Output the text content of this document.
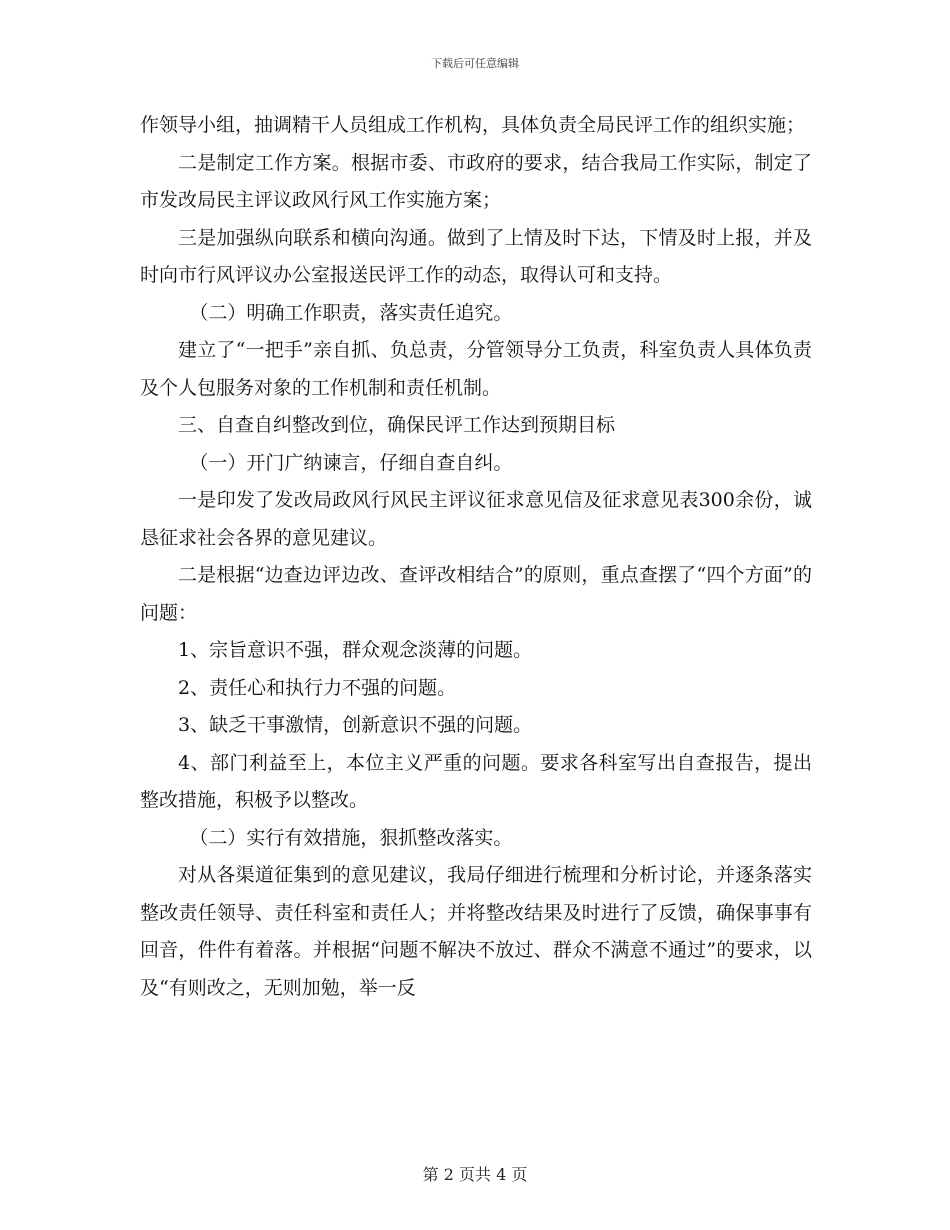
下载后可任意编辑

作领导小组，抽调精干人员组成工作机构，具体负责全局民评工作的组织实施；

二是制定工作方案。根据市委、市政府的要求，结合我局工作实际，制定了市发改局民主评议政风行风工作实施方案；

三是加强纵向联系和横向沟通。做到了上情及时下达，下情及时上报，并及时向市行风评议办公室报送民评工作的动态，取得认可和支持。

（二）明确工作职责，落实责任追究。

建立了“一把手”亲自抓、负总责，分管领导分工负责，科室负责人具体负责及个人包服务对象的工作机制和责任机制。

三、自查自纠整改到位，确保民评工作达到预期目标

（一）开门广纳谏言，仔细自查自纠。

一是印发了发改局政风行风民主评议征求意见信及征求意见表300余份，诚恳征求社会各界的意见建议。

二是根据“边查边评边改、查评改相结合”的原则，重点查摆了“四个方面”的问题：

1、宗旨意识不强，群众观念淡薄的问题。

2、责任心和执行力不强的问题。

3、缺乏干事激情，创新意识不强的问题。

4、部门利益至上，本位主义严重的问题。要求各科室写出自查报告，提出整改措施，积极予以整改。

（二）实行有效措施，狠抓整改落实。

对从各渠道征集到的意见建议，我局仔细进行梳理和分析讨论，并逐条落实整改责任领导、责任科室和责任人；并将整改结果及时进行了反馈，确保事事有回音，件件有着落。并根据“问题不解决不放过、群众不满意不通过”的要求，以及“有则改之，无则加勉，举一反

第 2 页共 4 页
